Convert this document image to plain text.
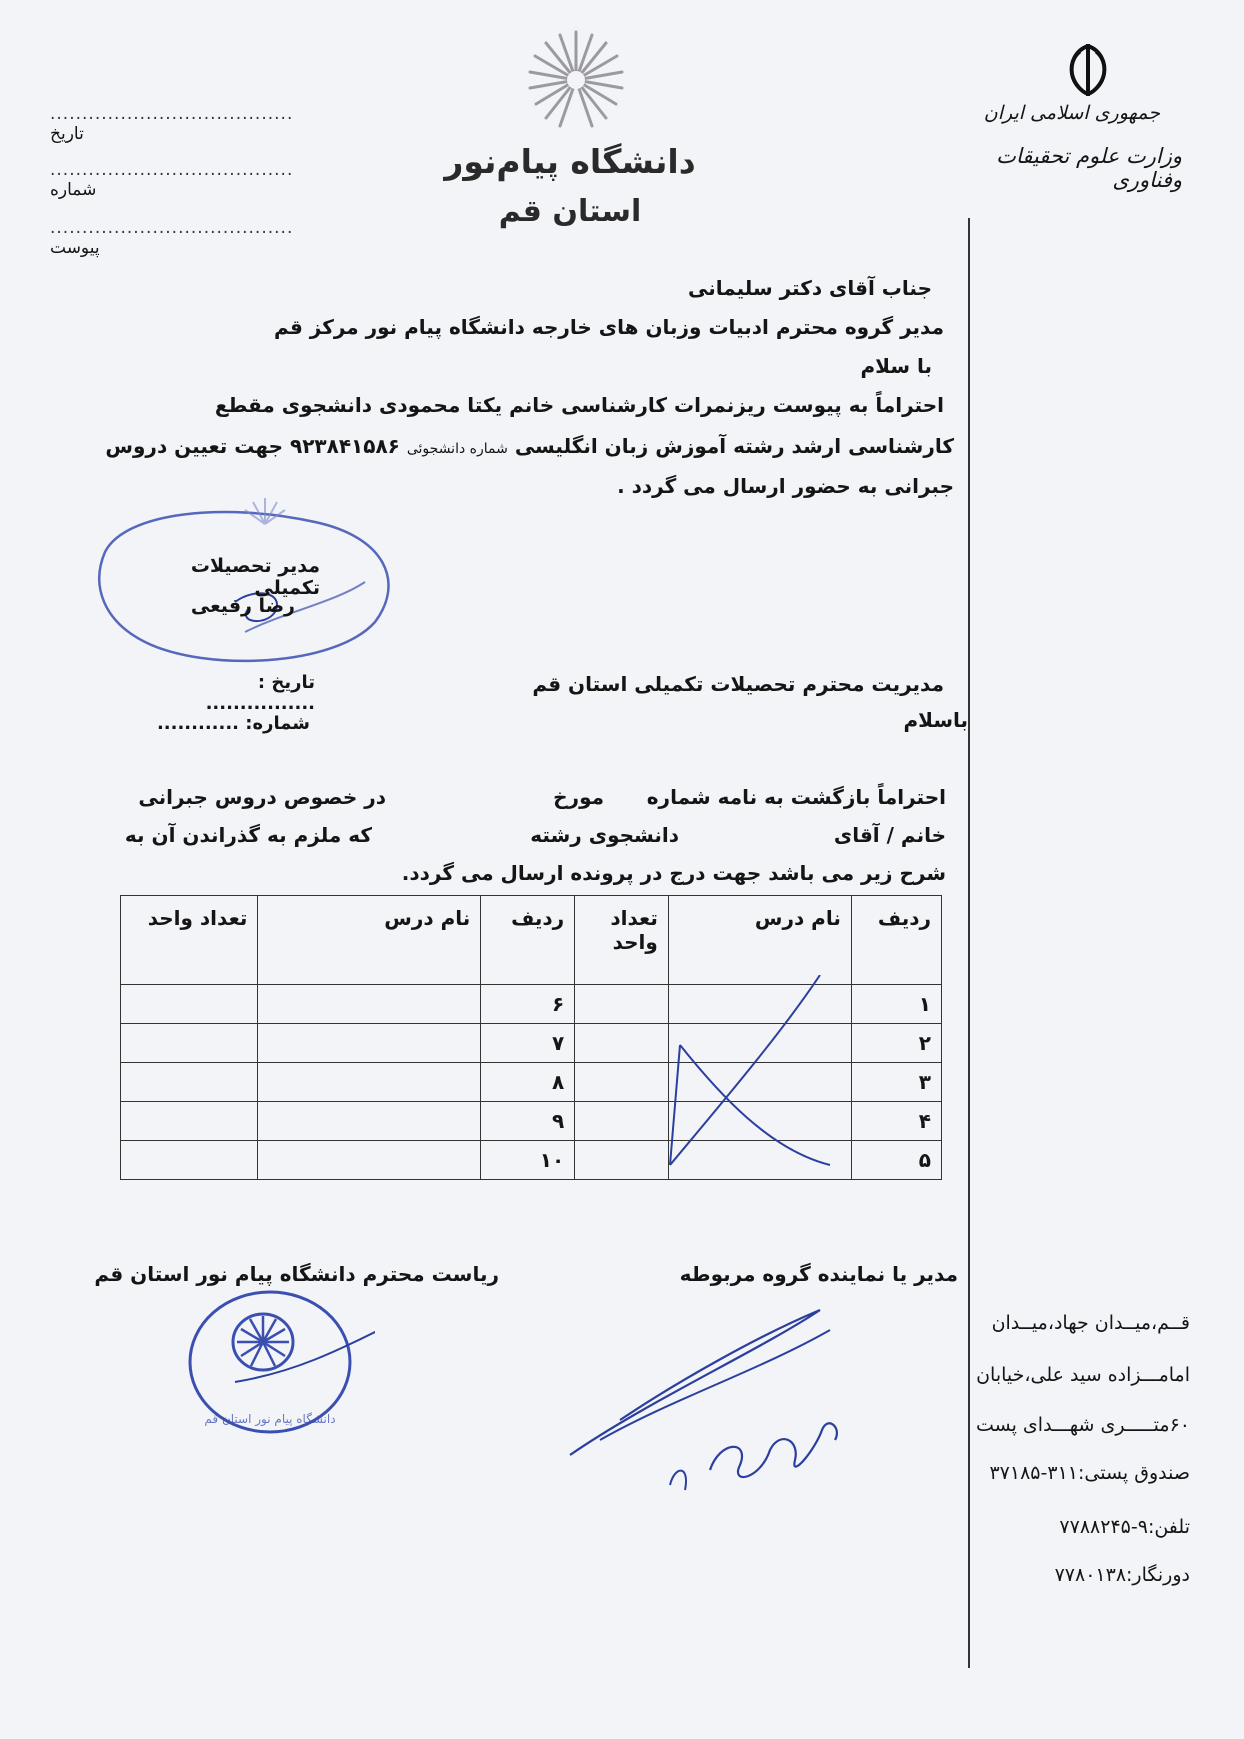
جمهوری اسلامی ایران
وزارت علوم تحقیقات وفناوری
دانشگاه پیام‌نور
استان قم
...................................... تاریخ
...................................... شماره
...................................... پیوست
جناب آقای دکتر سلیمانی
مدیر گروه محترم ادبیات وزبان های خارجه دانشگاه پیام نور مرکز قم
با سلام
احتراماً به پیوست ریزنمرات کارشناسی خانم یکتا محمودی دانشجوی مقطع
کارشناسی ارشد رشته آموزش زبان انگلیسی شماره دانشجوئی ۹۲۳۸۴۱۵۸۶ جهت تعیین دروس
جبرانی به حضور ارسال می گردد .
مدیر تحصیلات تکمیلی
رضا رفیعی
تاریخ : ................
شماره: ............
مدیریت محترم تحصیلات تکمیلی استان قم
باسلام
احتراماً بازگشت به نامه شماره
مورخ
در خصوص دروس جبرانی
خانم / آقای
دانشجوی رشته
که ملزم به گذراندن آن به
شرح زیر می باشد جهت درج در پرونده ارسال می گردد.
ردیف	نام درس	تعداد واحد	ردیف	نام درس	تعداد واحد
۱			۶		
۲			۷		
۳			۸		
۴			۹		
۵			۱۰		
مدیر یا نماینده گروه مربوطه
ریاست محترم دانشگاه پیام نور استان قم
دانشگاه پیام نور استان قم
قــم،میــدان جهاد،میــدان
امامـــزاده سید علی،خیابان
۶۰متـــــری شهـــدای پست
صندوق پستی:۳۱۱-۳۷۱۸۵
تلفن:۹-۷۷۸۸۲۴۵
دورنگار:۷۷۸۰۱۳۸
